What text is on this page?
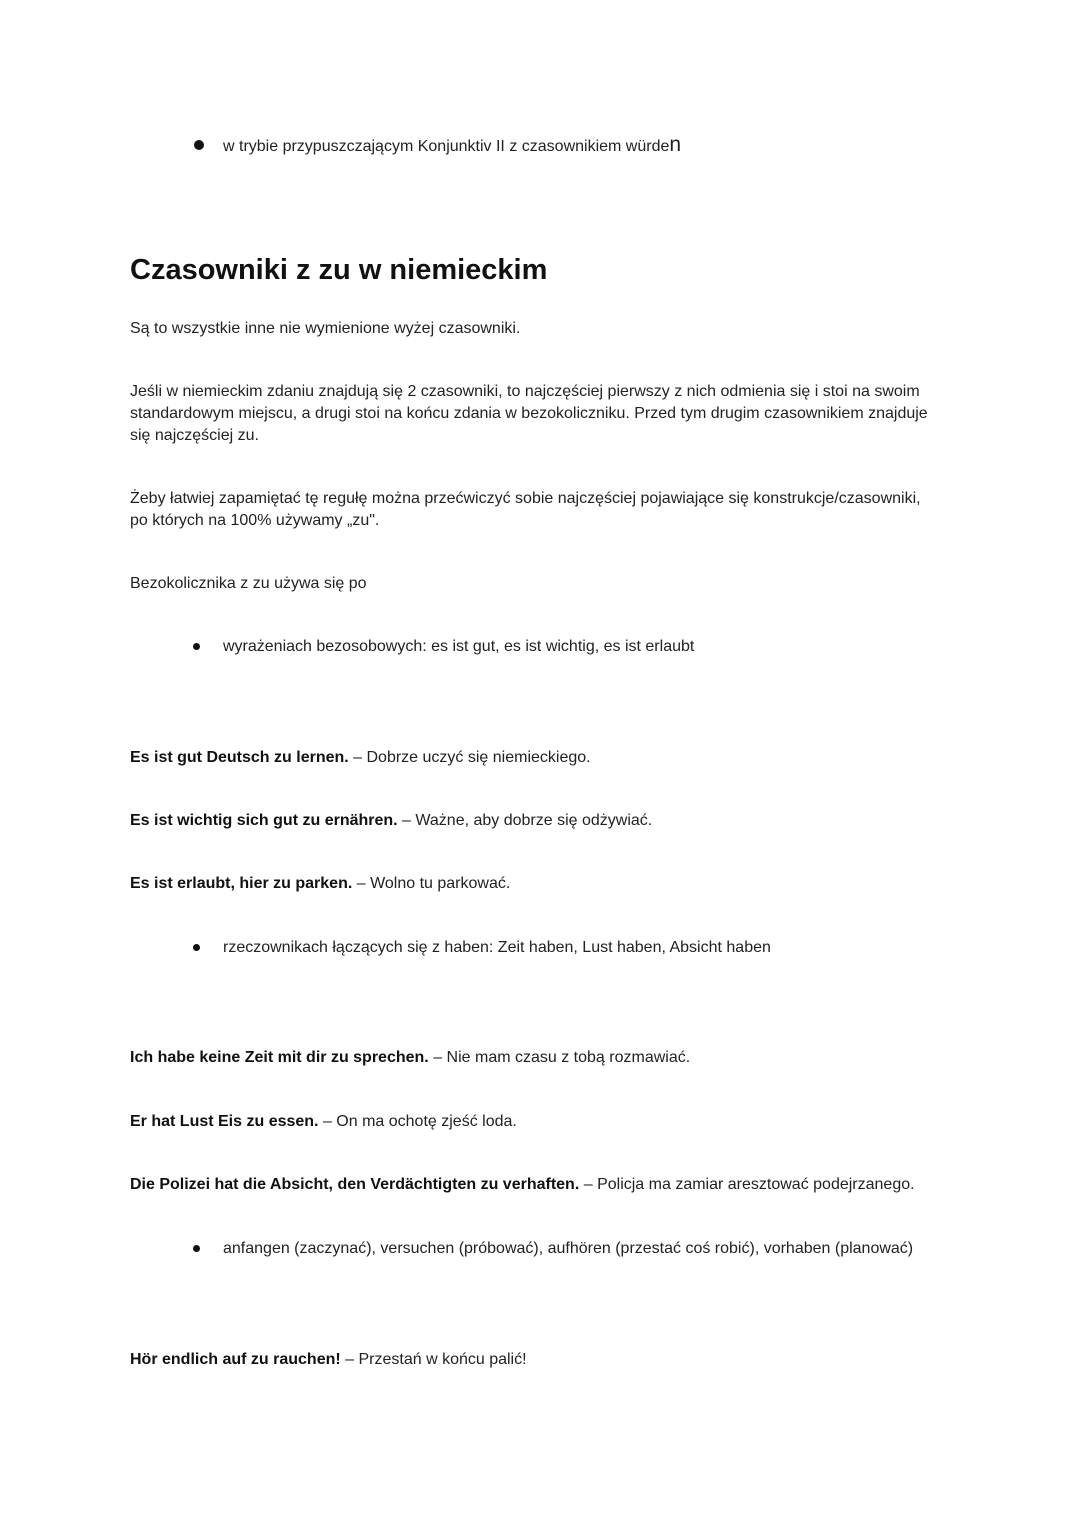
w trybie przypuszczającym Konjunktiv II z czasownikiem würden
Czasowniki z zu w niemieckim
Są to wszystkie inne nie wymienione wyżej czasowniki.
Jeśli w niemieckim zdaniu znajdują się 2 czasowniki, to najczęściej pierwszy z nich odmienia się i stoi na swoim
standardowym miejscu, a drugi stoi na końcu zdania w bezokoliczniku. Przed tym drugim czasownikiem znajduje
się najczęściej zu.
Żeby łatwiej zapamiętać tę regułę można przećwiczyć sobie najczęściej pojawiające się konstrukcje/czasowniki,
po których na 100% używamy „zu".
Bezokolicznika z zu używa się po
wyrażeniach bezosobowych: es ist gut, es ist wichtig, es ist erlaubt
Es ist gut Deutsch zu lernen. – Dobrze uczyć się niemieckiego.
Es ist wichtig sich gut zu ernähren. – Ważne, aby dobrze się odżywiać.
Es ist erlaubt, hier zu parken. – Wolno tu parkować.
rzeczownikach łączących się z haben: Zeit haben, Lust haben, Absicht haben
Ich habe keine Zeit mit dir zu sprechen. – Nie mam czasu z tobą rozmawiać.
Er hat Lust Eis zu essen. – On ma ochotę zjeść loda.
Die Polizei hat die Absicht, den Verdächtigten zu verhaften. – Policja ma zamiar aresztować podejrzanego.
anfangen (zaczynać), versuchen (próbować), aufhören (przestać coś robić), vorhaben (planować)
Hör endlich auf zu rauchen! – Przestań w końcu palić!
